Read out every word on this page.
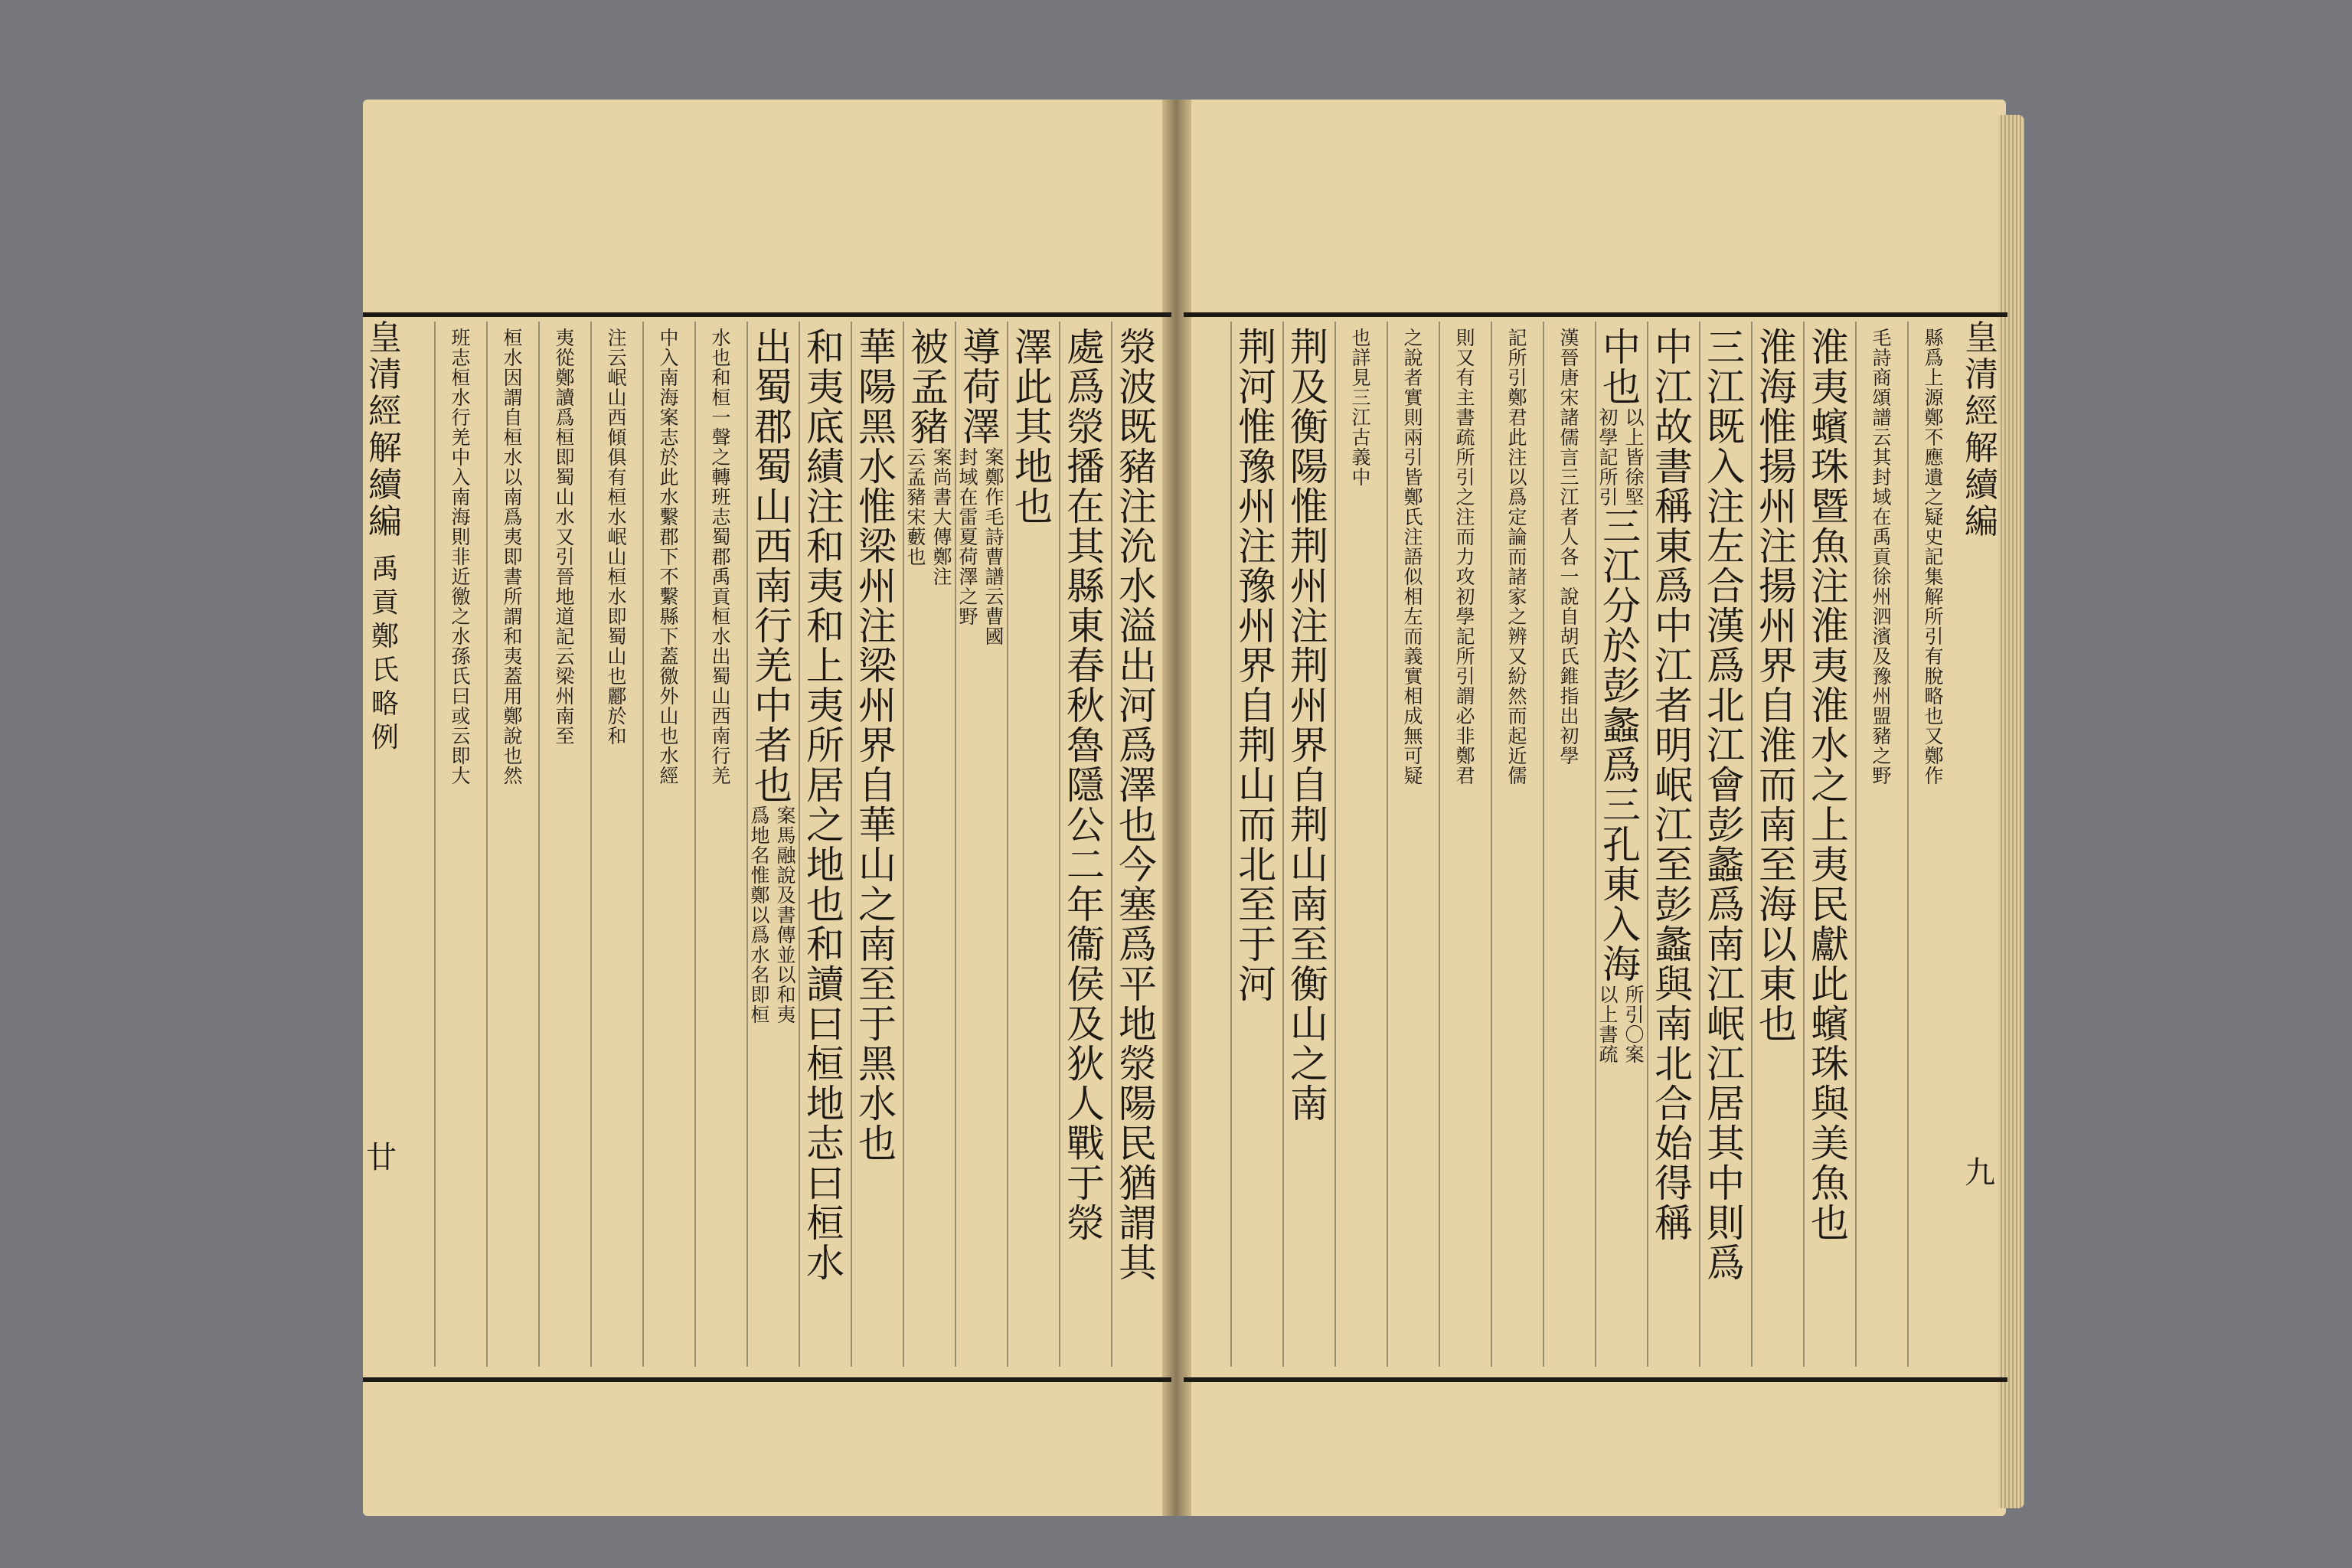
縣
爲
上
源
鄭
不
應
遺
之
疑
史
記
集
解
所
引
有
脫
略
也
又
鄭
作
毛
詩
商
頌
譜
云
其
封
域
在
禹
貢
徐
州
泗
濱
及
豫
州
盟
豬
之
野
淮
夷
蠙
珠
暨
魚
注
淮
夷
淮
水
之
上
夷
民
獻
此
蠙
珠
與
美
魚
也
淮
海
惟
揚
州
注
揚
州
界
自
淮
而
南
至
海
以
東
也
三
江
既
入
注
左
合
漢
爲
北
江
會
彭
蠡
爲
南
江
岷
江
居
其
中
則
爲
中
江
故
書
稱
東
爲
中
江
者
明
岷
江
至
彭
蠡
與
南
北
合
始
得
稱
中
也
以
上
皆
徐
堅
初
學
記
所
引
三
江
分
於
彭
蠡
爲
三
孔
東
入
海
所
引
〇
案
以
上
書
疏
漢
晉
唐
宋
諸
儒
言
三
江
者
人
各
一
說
自
胡
氏
錐
指
出
初
學
記
所
引
鄭
君
此
注
以
爲
定
論
而
諸
家
之
辨
又
紛
然
而
起
近
儒
則
又
有
主
書
疏
所
引
之
注
而
力
攻
初
學
記
所
引
謂
必
非
鄭
君
之
說
者
實
則
兩
引
皆
鄭
氏
注
語
似
相
左
而
義
實
相
成
無
可
疑
也
詳
見
三
江
古
義
中
荆
及
衡
陽
惟
荆
州
注
荆
州
界
自
荆
山
南
至
衡
山
之
南
荆
河
惟
豫
州
注
豫
州
界
自
荆
山
而
北
至
于
河
滎
波
既
豬
注
沇
水
溢
出
河
爲
澤
也
今
塞
爲
平
地
滎
陽
民
猶
謂
其
處
爲
滎
播
在
其
縣
東
春
秋
魯
隱
公
二
年
衞
侯
及
狄
人
戰
于
滎
澤
此
其
地
也
導
荷
澤
案
鄭
作
毛
詩
曹
譜
云
曹
國
封
域
在
雷
夏
荷
澤
之
野
被
孟
豬
案
尚
書
大
傳
鄭
注
云
孟
豬
宋
藪
也
華
陽
黑
水
惟
梁
州
注
梁
州
界
自
華
山
之
南
至
于
黑
水
也
和
夷
底
績
注
和
夷
和
上
夷
所
居
之
地
也
和
讀
曰
桓
地
志
曰
桓
水
出
蜀
郡
蜀
山
西
南
行
羌
中
者
也
案
馬
融
說
及
書
傳
並
以
和
夷
爲
地
名
惟
鄭
以
爲
水
名
即
桓
水
也
和
桓
一
聲
之
轉
班
志
蜀
郡
禹
貢
桓
水
出
蜀
山
西
南
行
羌
中
入
南
海
案
志
於
此
水
繫
郡
下
不
繫
縣
下
蓋
徼
外
山
也
水
經
注
云
岷
山
西
傾
俱
有
桓
水
岷
山
桓
水
即
蜀
山
也
酈
於
和
夷
從
鄭
讀
爲
桓
即
蜀
山
水
又
引
晉
地
道
記
云
梁
州
南
至
桓
水
因
謂
自
桓
水
以
南
爲
夷
即
書
所
謂
和
夷
蓋
用
鄭
說
也
然
班
志
桓
水
行
羌
中
入
南
海
則
非
近
徼
之
水
孫
氏
曰
或
云
即
大
皇
清
經
解
續
編
禹
貢
鄭
氏
略
例
廿
皇
清
經
解
續
編
九
